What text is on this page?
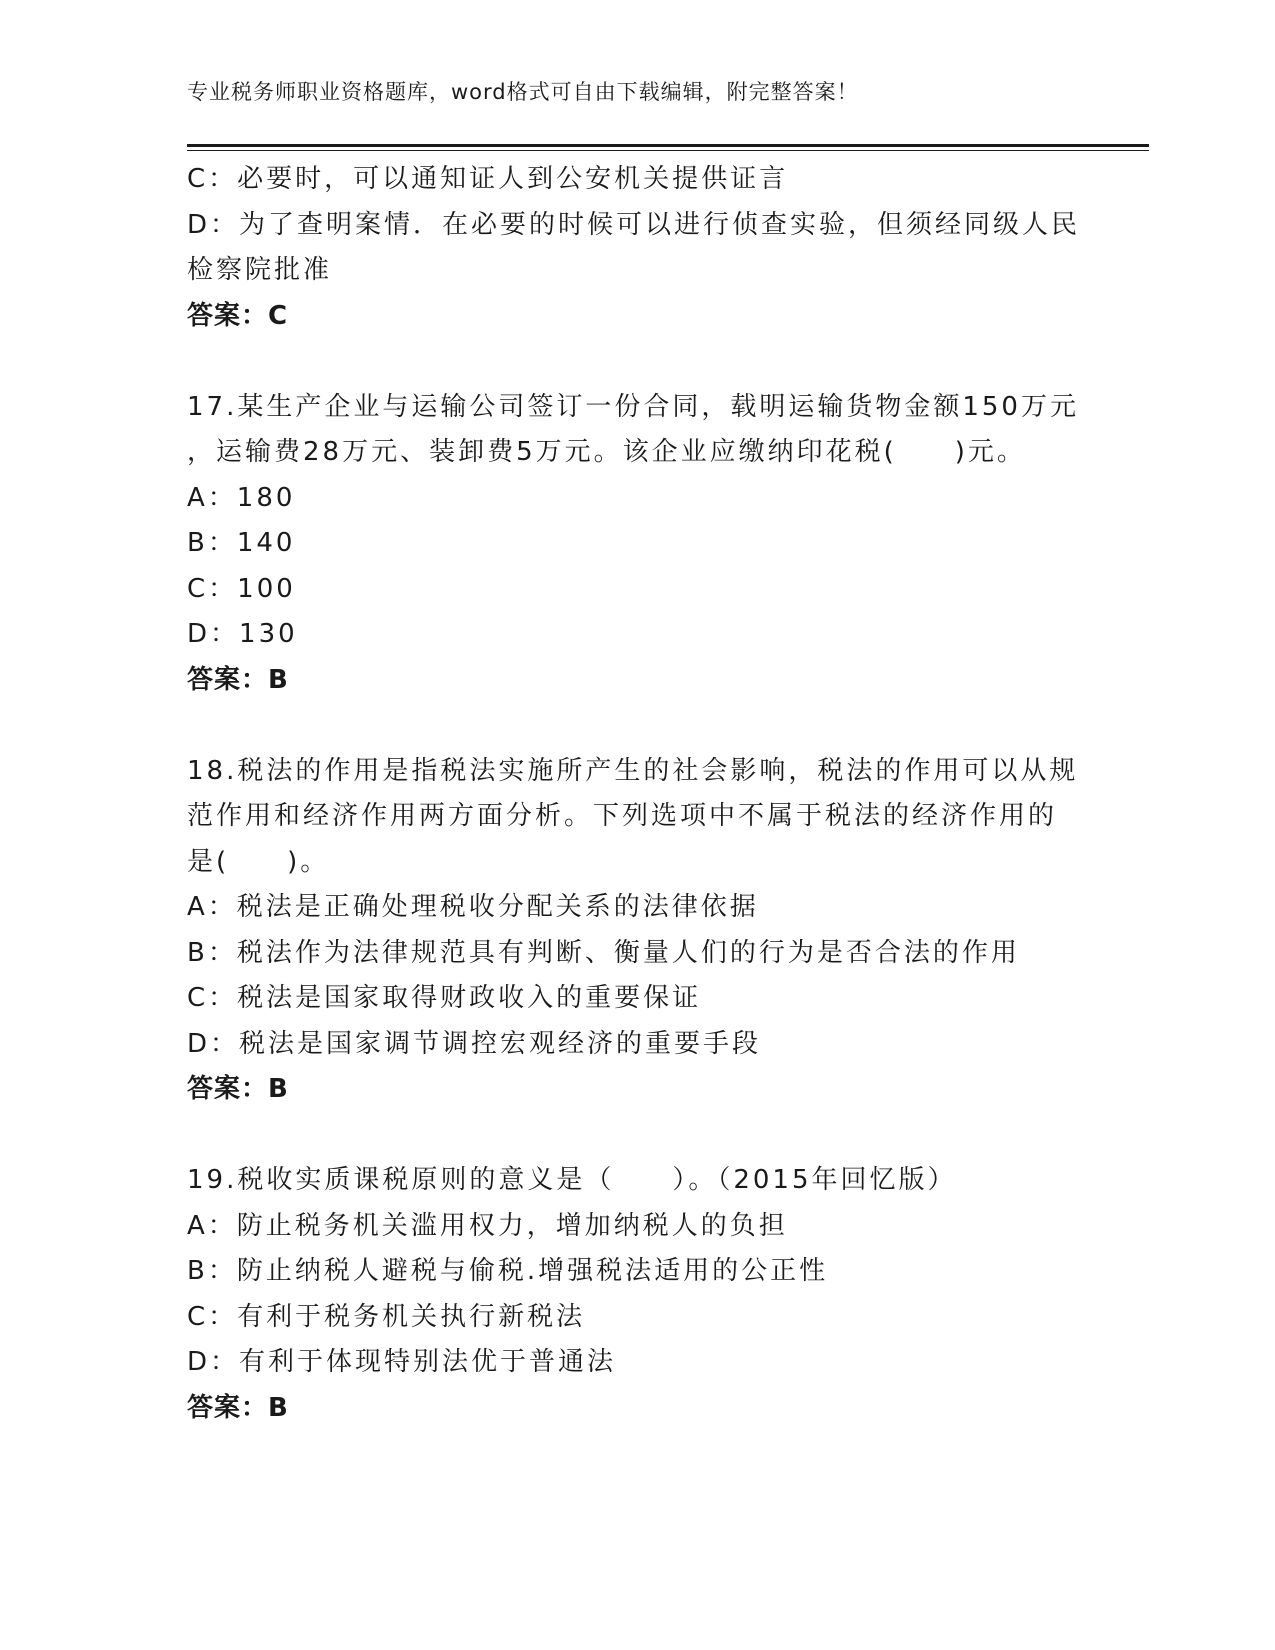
专业税务师职业资格题库，word格式可自由下载编辑，附完整答案！
C：必要时，可以通知证人到公安机关提供证言
D：为了查明案情．在必要的时候可以进行侦查实验，但须经同级人民
检察院批准
答案：C
17.某生产企业与运输公司签订一份合同，载明运输货物金额150万元
，运输费28万元、装卸费5万元。该企业应缴纳印花税(　　)元。
A：180
B：140
C：100
D：130
答案：B
18.税法的作用是指税法实施所产生的社会影响，税法的作用可以从规
范作用和经济作用两方面分析。下列选项中不属于税法的经济作用的
是(　　)。
A：税法是正确处理税收分配关系的法律依据
B：税法作为法律规范具有判断、衡量人们的行为是否合法的作用
C：税法是国家取得财政收入的重要保证
D：税法是国家调节调控宏观经济的重要手段
答案：B
19.税收实质课税原则的意义是（　　）。（2015年回忆版）
A：防止税务机关滥用权力，增加纳税人的负担
B：防止纳税人避税与偷税.增强税法适用的公正性
C：有利于税务机关执行新税法
D：有利于体现特别法优于普通法
答案：B
